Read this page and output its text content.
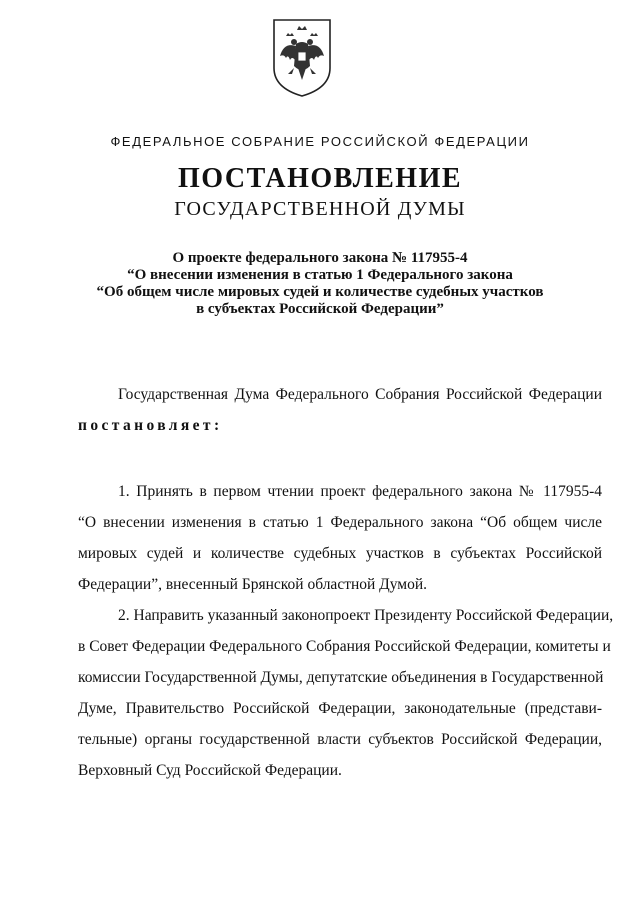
ФЕДЕРАЛЬНОЕ СОБРАНИЕ РОССИЙСКОЙ ФЕДЕРАЦИИ
ПОСТАНОВЛЕНИЕ
ГОСУДАРСТВЕННОЙ ДУМЫ
О проекте федерального закона № 117955-4
“О внесении изменения в статью 1 Федерального закона
“Об общем числе мировых судей и количестве судебных участков
в субъектах Российской Федерации”
Государственная Дума Федерального Собрания Российской Федерации
постановляет:
1. Принять в первом чтении проект федерального закона № 117955-4
“О внесении изменения в статью 1 Федерального закона “Об общем числе
мировых судей и количестве судебных участков в субъектах Российской
Федерации”, внесенный Брянской областной Думой.
2. Направить указанный законопроект Президенту Российской Федерации,
в Совет Федерации Федерального Собрания Российской Федерации, комитеты и
комиссии Государственной Думы, депутатские объединения в Государственной
Думе, Правительство Российской Федерации, законодательные (представи-
тельные) органы государственной власти субъектов Российской Федерации,
Верховный Суд Российской Федерации.
